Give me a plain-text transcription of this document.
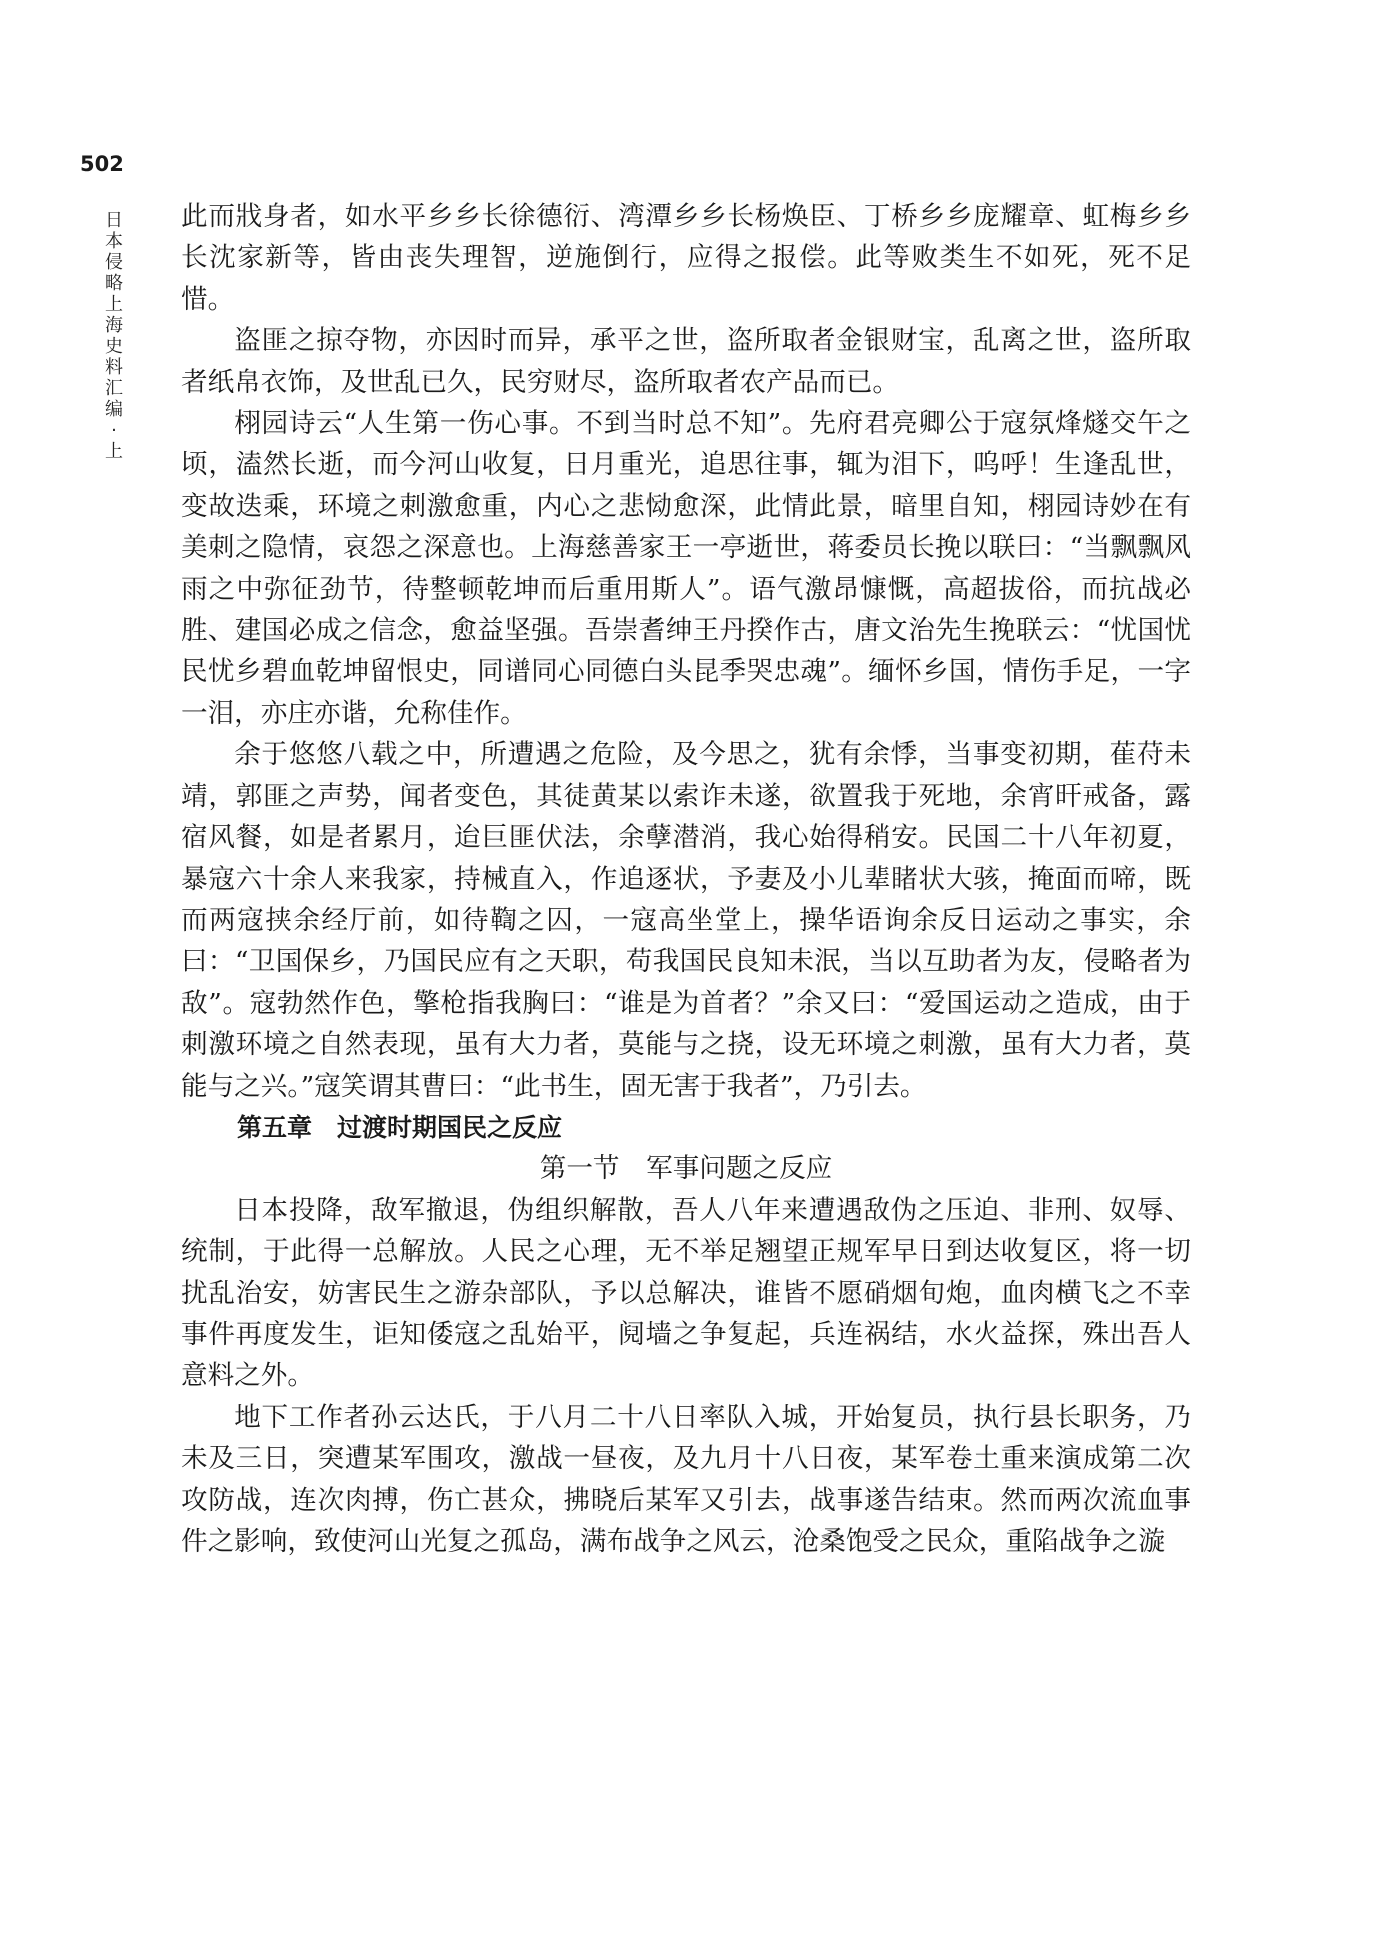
502
日本侵略上海史料汇编·上

此而戕身者，如水平乡乡长徐德衍、湾潭乡乡长杨焕臣、丁桥乡乡庞耀章、虹梅乡乡长沈家新等，皆由丧失理智，逆施倒行，应得之报偿。此等败类生不如死，死不足惜。

盗匪之掠夺物，亦因时而异，承平之世，盗所取者金银财宝，乱离之世，盗所取者纸帛衣饰，及世乱已久，民穷财尽，盗所取者农产品而已。

栩园诗云“人生第一伤心事。不到当时总不知”。先府君亮卿公于寇氛烽燧交午之顷，溘然长逝，而今河山收复，日月重光，追思往事，辄为泪下，呜呼！生逢乱世，变故迭乘，环境之刺激愈重，内心之悲恸愈深，此情此景，暗里自知，栩园诗妙在有美刺之隐情，哀怨之深意也。上海慈善家王一亭逝世，蒋委员长挽以联曰：“当飘飘风雨之中弥征劲节，待整顿乾坤而后重用斯人”。语气激昂慷慨，高超拔俗，而抗战必胜、建国必成之信念，愈益坚强。吾崇耆绅王丹揆作古，唐文治先生挽联云：“忧国忧民忧乡碧血乾坤留恨史，同谱同心同德白头昆季哭忠魂”。缅怀乡国，情伤手足，一字一泪，亦庄亦谐，允称佳作。

余于悠悠八载之中，所遭遇之危险，及今思之，犹有余悸，当事变初期，萑苻未靖，郭匪之声势，闻者变色，其徒黄某以索诈未遂，欲置我于死地，余宵旰戒备，露宿风餐，如是者累月，迨巨匪伏法，余孽潜消，我心始得稍安。民国二十八年初夏，暴寇六十余人来我家，持械直入，作追逐状，予妻及小儿辈睹状大骇，掩面而啼，既而两寇挟余经厅前，如待鞫之囚，一寇高坐堂上，操华语询余反日运动之事实，余曰：“卫国保乡，乃国民应有之天职，苟我国民良知未泯，当以互助者为友，侵略者为敌”。寇勃然作色，擎枪指我胸曰：“谁是为首者？”余又曰：“爱国运动之造成，由于刺激环境之自然表现，虽有大力者，莫能与之挠，设无环境之刺激，虽有大力者，莫能与之兴。”寇笑谓其曹曰：“此书生，固无害于我者”，乃引去。

第五章　过渡时期国民之反应

第一节　军事问题之反应

日本投降，敌军撤退，伪组织解散，吾人八年来遭遇敌伪之压迫、非刑、奴辱、统制，于此得一总解放。人民之心理，无不举足翘望正规军早日到达收复区，将一切扰乱治安，妨害民生之游杂部队，予以总解决，谁皆不愿硝烟旬炮，血肉横飞之不幸事件再度发生，讵知倭寇之乱始平，阋墙之争复起，兵连祸结，水火益探，殊出吾人意料之外。

地下工作者孙云达氏，于八月二十八日率队入城，开始复员，执行县长职务，乃未及三日，突遭某军围攻，激战一昼夜，及九月十八日夜，某军卷土重来演成第二次攻防战，连次肉搏，伤亡甚众，拂晓后某军又引去，战事遂告结束。然而两次流血事件之影响，致使河山光复之孤岛，满布战争之风云，沧桑饱受之民众，重陷战争之漩
